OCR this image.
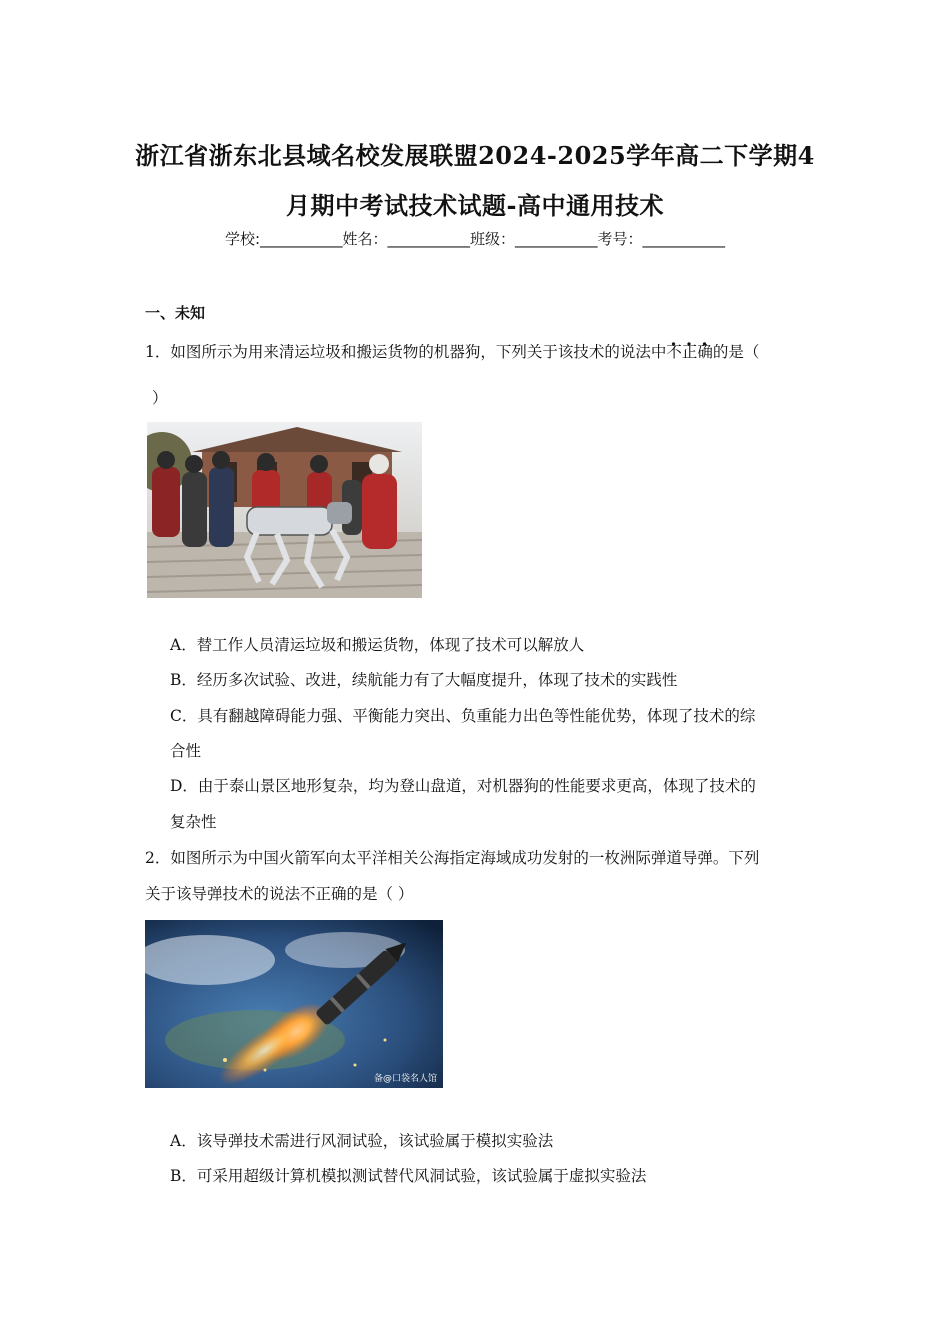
浙江省浙东北县域名校发展联盟2024-2025学年高二下学期4
月期中考试技术试题-高中通用技术
学校:___________姓名：___________班级：___________考号：___________
一、未知
1．如图所示为用来清运垃圾和搬运货物的机器狗，下列关于该技术的说法中不正确的是（
）
A．替工作人员清运垃圾和搬运货物，体现了技术可以解放人
B．经历多次试验、改进，续航能力有了大幅度提升，体现了技术的实践性
C．具有翻越障碍能力强、平衡能力突出、负重能力出色等性能优势，体现了技术的综
合性
D．由于泰山景区地形复杂，均为登山盘道，对机器狗的性能要求更高，体现了技术的
复杂性
2．如图所示为中国火箭军向太平洋相关公海指定海域成功发射的一枚洲际弹道导弹。下列
关于该导弹技术的说法不正确的是（ ）
备@口袋名人馆
A．该导弹技术需进行风洞试验，该试验属于模拟实验法
B．可采用超级计算机模拟测试替代风洞试验，该试验属于虚拟实验法
